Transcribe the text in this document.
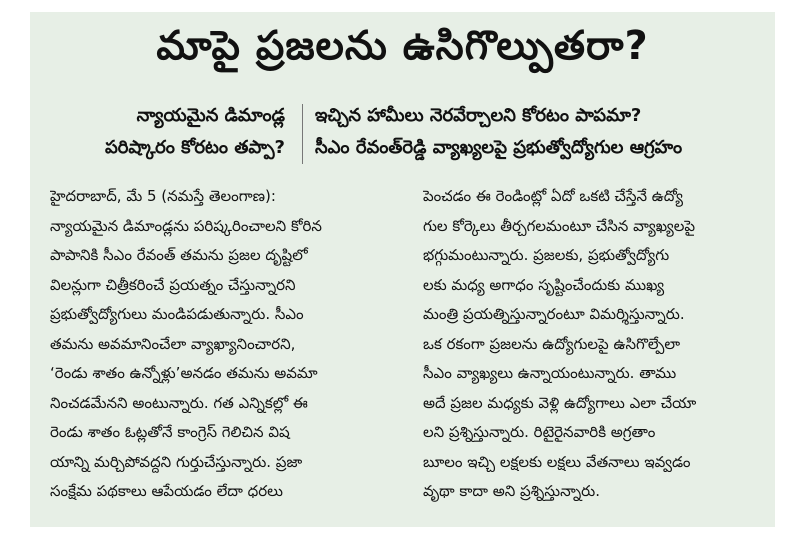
మాపై ప్రజలను ఉసిగొల్పుతరా?
న్యాయమైన డిమాండ్ల
పరిష్కారం కోరటం తప్పా?
ఇచ్చిన హామీలు నెరవేర్చాలని కోరటం పాపమా?
సీఎం రేవంత్‌రెడ్డి వ్యాఖ్యలపై ప్రభుత్వోద్యోగుల ఆగ్రహం
హైదరాబాద్, మే 5 (నమస్తే తెలంగాణ):
న్యాయమైన డిమాండ్లను పరిష్కరించాలని కోరిన
పాపానికి సీఎం రేవంత్ తమను ప్రజల దృష్టిలో
విలన్లుగా చిత్రీకరించే ప్రయత్నం చేస్తున్నారని
ప్రభుత్వోద్యోగులు మండిపడుతున్నారు. సీఎం
తమను అవమానించేలా వ్యాఖ్యానించారని,
‘రెండు శాతం ఉన్నోళ్లు’అనడం తమను అవమా
నించడమేనని అంటున్నారు. గత ఎన్నికల్లో ఈ
రెండు శాతం ఓట్లతోనే కాంగ్రెస్ గెలిచిన విష
యాన్ని మర్చిపోవద్దని గుర్తుచేస్తున్నారు. ప్రజా
సంక్షేమ పథకాలు ఆపేయడం లేదా ధరలు
పెంచడం ఈ రెండింట్లో ఏదో ఒకటి చేస్తేనే ఉద్యో
గుల కోర్కెలు తీర్చగలమంటూ చేసిన వ్యాఖ్యలపై
భగ్గుమంటున్నారు. ప్రజలకు, ప్రభుత్వోద్యోగు
లకు మధ్య అగాధం సృష్టించేందుకు ముఖ్య
మంత్రి ప్రయత్నిస్తున్నారంటూ విమర్శిస్తున్నారు.
ఒక రకంగా ప్రజలను ఉద్యోగులపై ఉసిగొల్పేలా
సీఎం వ్యాఖ్యలు ఉన్నాయంటున్నారు. తాము
అదే ప్రజల మధ్యకు వెళ్లి ఉద్యోగాలు ఎలా చేయా
లని ప్రశ్నిస్తున్నారు. రిటైరైనవారికి అగ్రతాం
బూలం ఇచ్చి లక్షలకు లక్షలు వేతనాలు ఇవ్వడం
వృథా కాదా అని ప్రశ్నిస్తున్నారు.
